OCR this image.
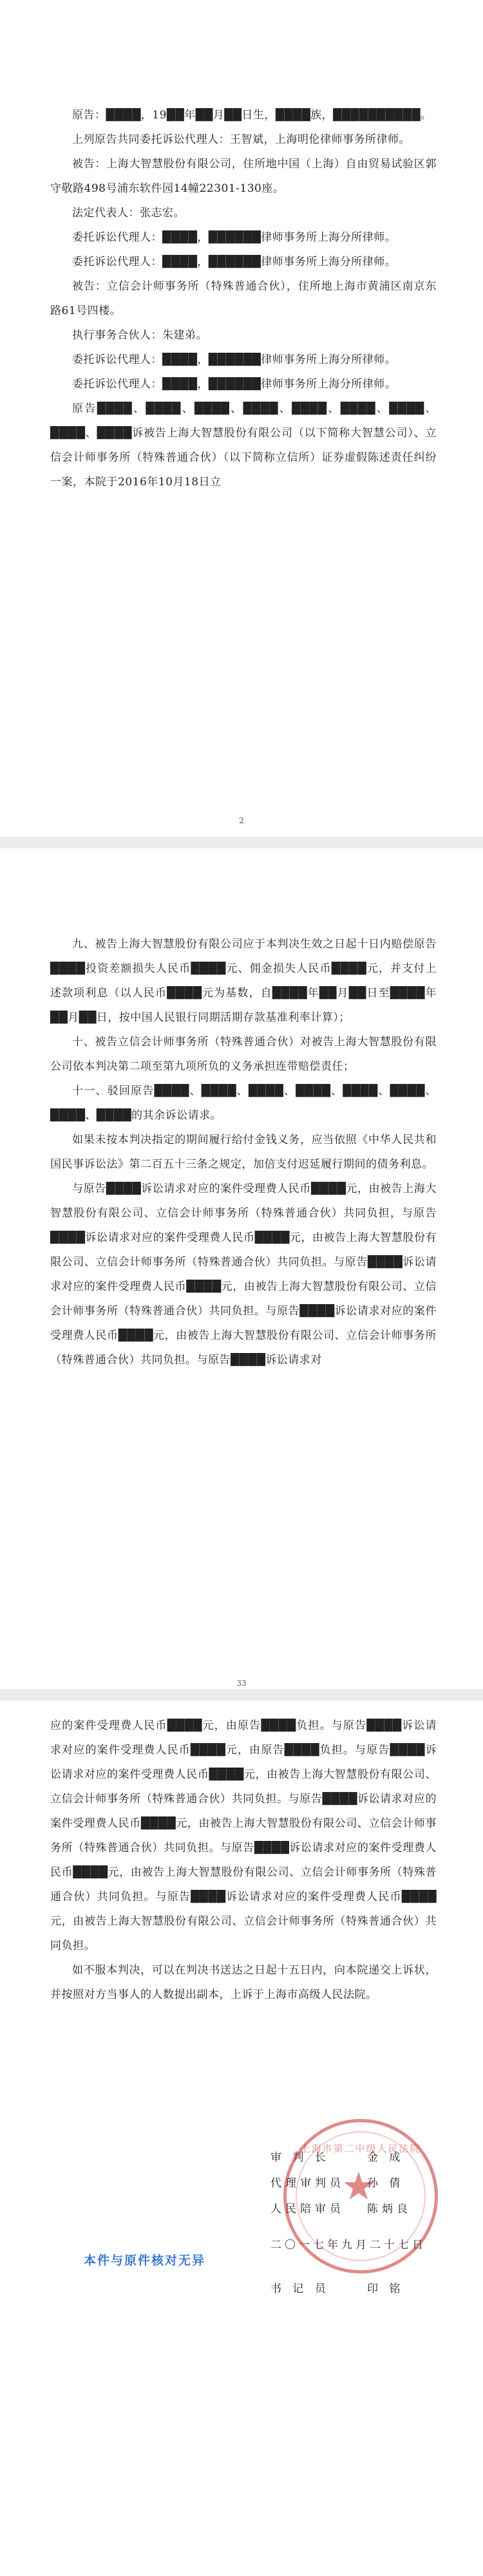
原告：████，19██年██月██日生，████族，██████████。

上列原告共同委托诉讼代理人：王智斌，上海明伦律师事务所律师。

被告：上海大智慧股份有限公司，住所地中国（上海）自由贸易试验区郭守敬路498号浦东软件园14幢22301-130座。

法定代表人：张志宏。

委托诉讼代理人：████，██████律师事务所上海分所律师。

委托诉讼代理人：████，██████律师事务所上海分所律师。

被告：立信会计师事务所（特殊普通合伙），住所地上海市黄浦区南京东路61号四楼。

执行事务合伙人：朱建弟。

委托诉讼代理人：████，██████律师事务所上海分所律师。

委托诉讼代理人：████，██████律师事务所上海分所律师。

原告████、████、████、████、████、████、████、████、████诉被告上海大智慧股份有限公司（以下简称大智慧公司）、立信会计师事务所（特殊普通合伙）（以下简称立信所）证券虚假陈述责任纠纷一案，本院于2016年10月18日立

2

九、被告上海大智慧股份有限公司应于本判决生效之日起十日内赔偿原告████投资差额损失人民币████元、佣金损失人民币████元，并支付上述款项利息（以人民币████元为基数，自████年██月██日至████年██月██日，按中国人民银行同期活期存款基准利率计算）；

十、被告立信会计师事务所（特殊普通合伙）对被告上海大智慧股份有限公司依本判决第二项至第九项所负的义务承担连带赔偿责任；

十一、驳回原告████、████、████、████、████、████、████、████的其余诉讼请求。

如果未按本判决指定的期间履行给付金钱义务，应当依照《中华人民共和国民事诉讼法》第二百五十三条之规定，加倍支付迟延履行期间的债务利息。

与原告████诉讼请求对应的案件受理费人民币████元，由被告上海大智慧股份有限公司、立信会计师事务所（特殊普通合伙）共同负担，与原告████诉讼请求对应的案件受理费人民币████元，由被告上海大智慧股份有限公司、立信会计师事务所（特殊普通合伙）共同负担。与原告████诉讼请求对应的案件受理费人民币████元，由被告上海大智慧股份有限公司、立信会计师事务所（特殊普通合伙）共同负担。与原告████诉讼请求对应的案件受理费人民币████元，由被告上海大智慧股份有限公司、立信会计师事务所（特殊普通合伙）共同负担。与原告████诉讼请求对

33

应的案件受理费人民币████元，由原告████负担。与原告████诉讼请求对应的案件受理费人民币████元，由原告████负担。与原告████诉讼请求对应的案件受理费人民币████元，由被告上海大智慧股份有限公司、立信会计师事务所（特殊普通合伙）共同负担。与原告████诉讼请求对应的案件受理费人民币████元，由被告上海大智慧股份有限公司、立信会计师事务所（特殊普通合伙）共同负担。与原告████诉讼请求对应的案件受理费人民币████元，由被告上海大智慧股份有限公司、立信会计师事务所（特殊普通合伙）共同负担。与原告████诉讼请求对应的案件受理费人民币████元，由被告上海大智慧股份有限公司、立信会计师事务所（特殊普通合伙）共同负担。

如不服本判决，可以在判决书送达之日起十五日内，向本院递交上诉状，并按照对方当事人的人数提出副本，上诉于上海市高级人民法院。

审 判 长	金 成
代理审判员	孙 倩
人民陪审员	陈炳良
二〇一七年九月二十七日
书 记 员	印 铭
★
上海市第二中级人民法院
本件与原件核对无异
